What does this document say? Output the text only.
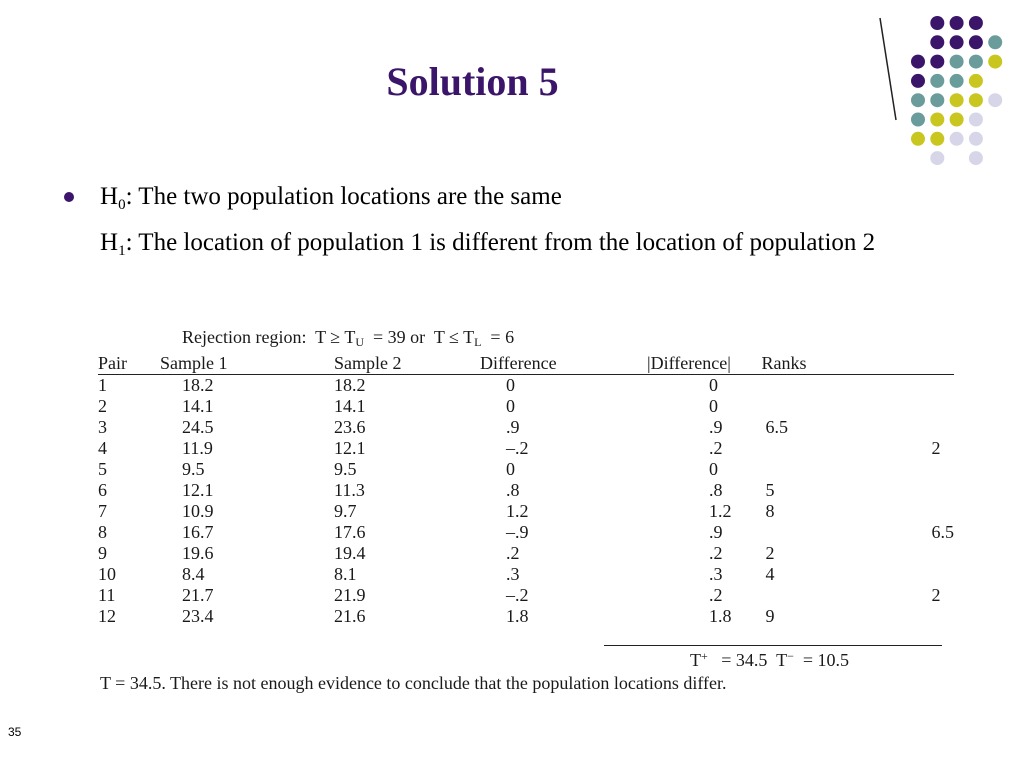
Solution 5
$H_0$: The two population locations are the same
$H_1$: The location of population 1 is different from the location of population 2
Rejection region:  $T \ge T_U = 39$ or  $T \le T_L = 6$
Pair	Sample 1	Sample 2	Difference	|Difference|	Ranks	
1	18.2	18.2	0	0		
2	14.1	14.1	0	0		
3	24.5	23.6	.9	.9	6.5	
4	11.9	12.1	–.2	.2		2
5	9.5	9.5	0	0		
6	12.1	11.3	.8	.8	5	
7	10.9	9.7	1.2	1.2	8	
8	16.7	17.6	–.9	.9		6.5
9	19.6	19.4	.2	.2	2	
10	8.4	8.1	.3	.3	4	
11	21.7	21.9	–.2	.2		2
12	23.4	21.6	1.8	1.8	9	
T+   = 34.5  T−  = 10.5
T = 34.5. There is not enough evidence to conclude that the population locations differ.
35
